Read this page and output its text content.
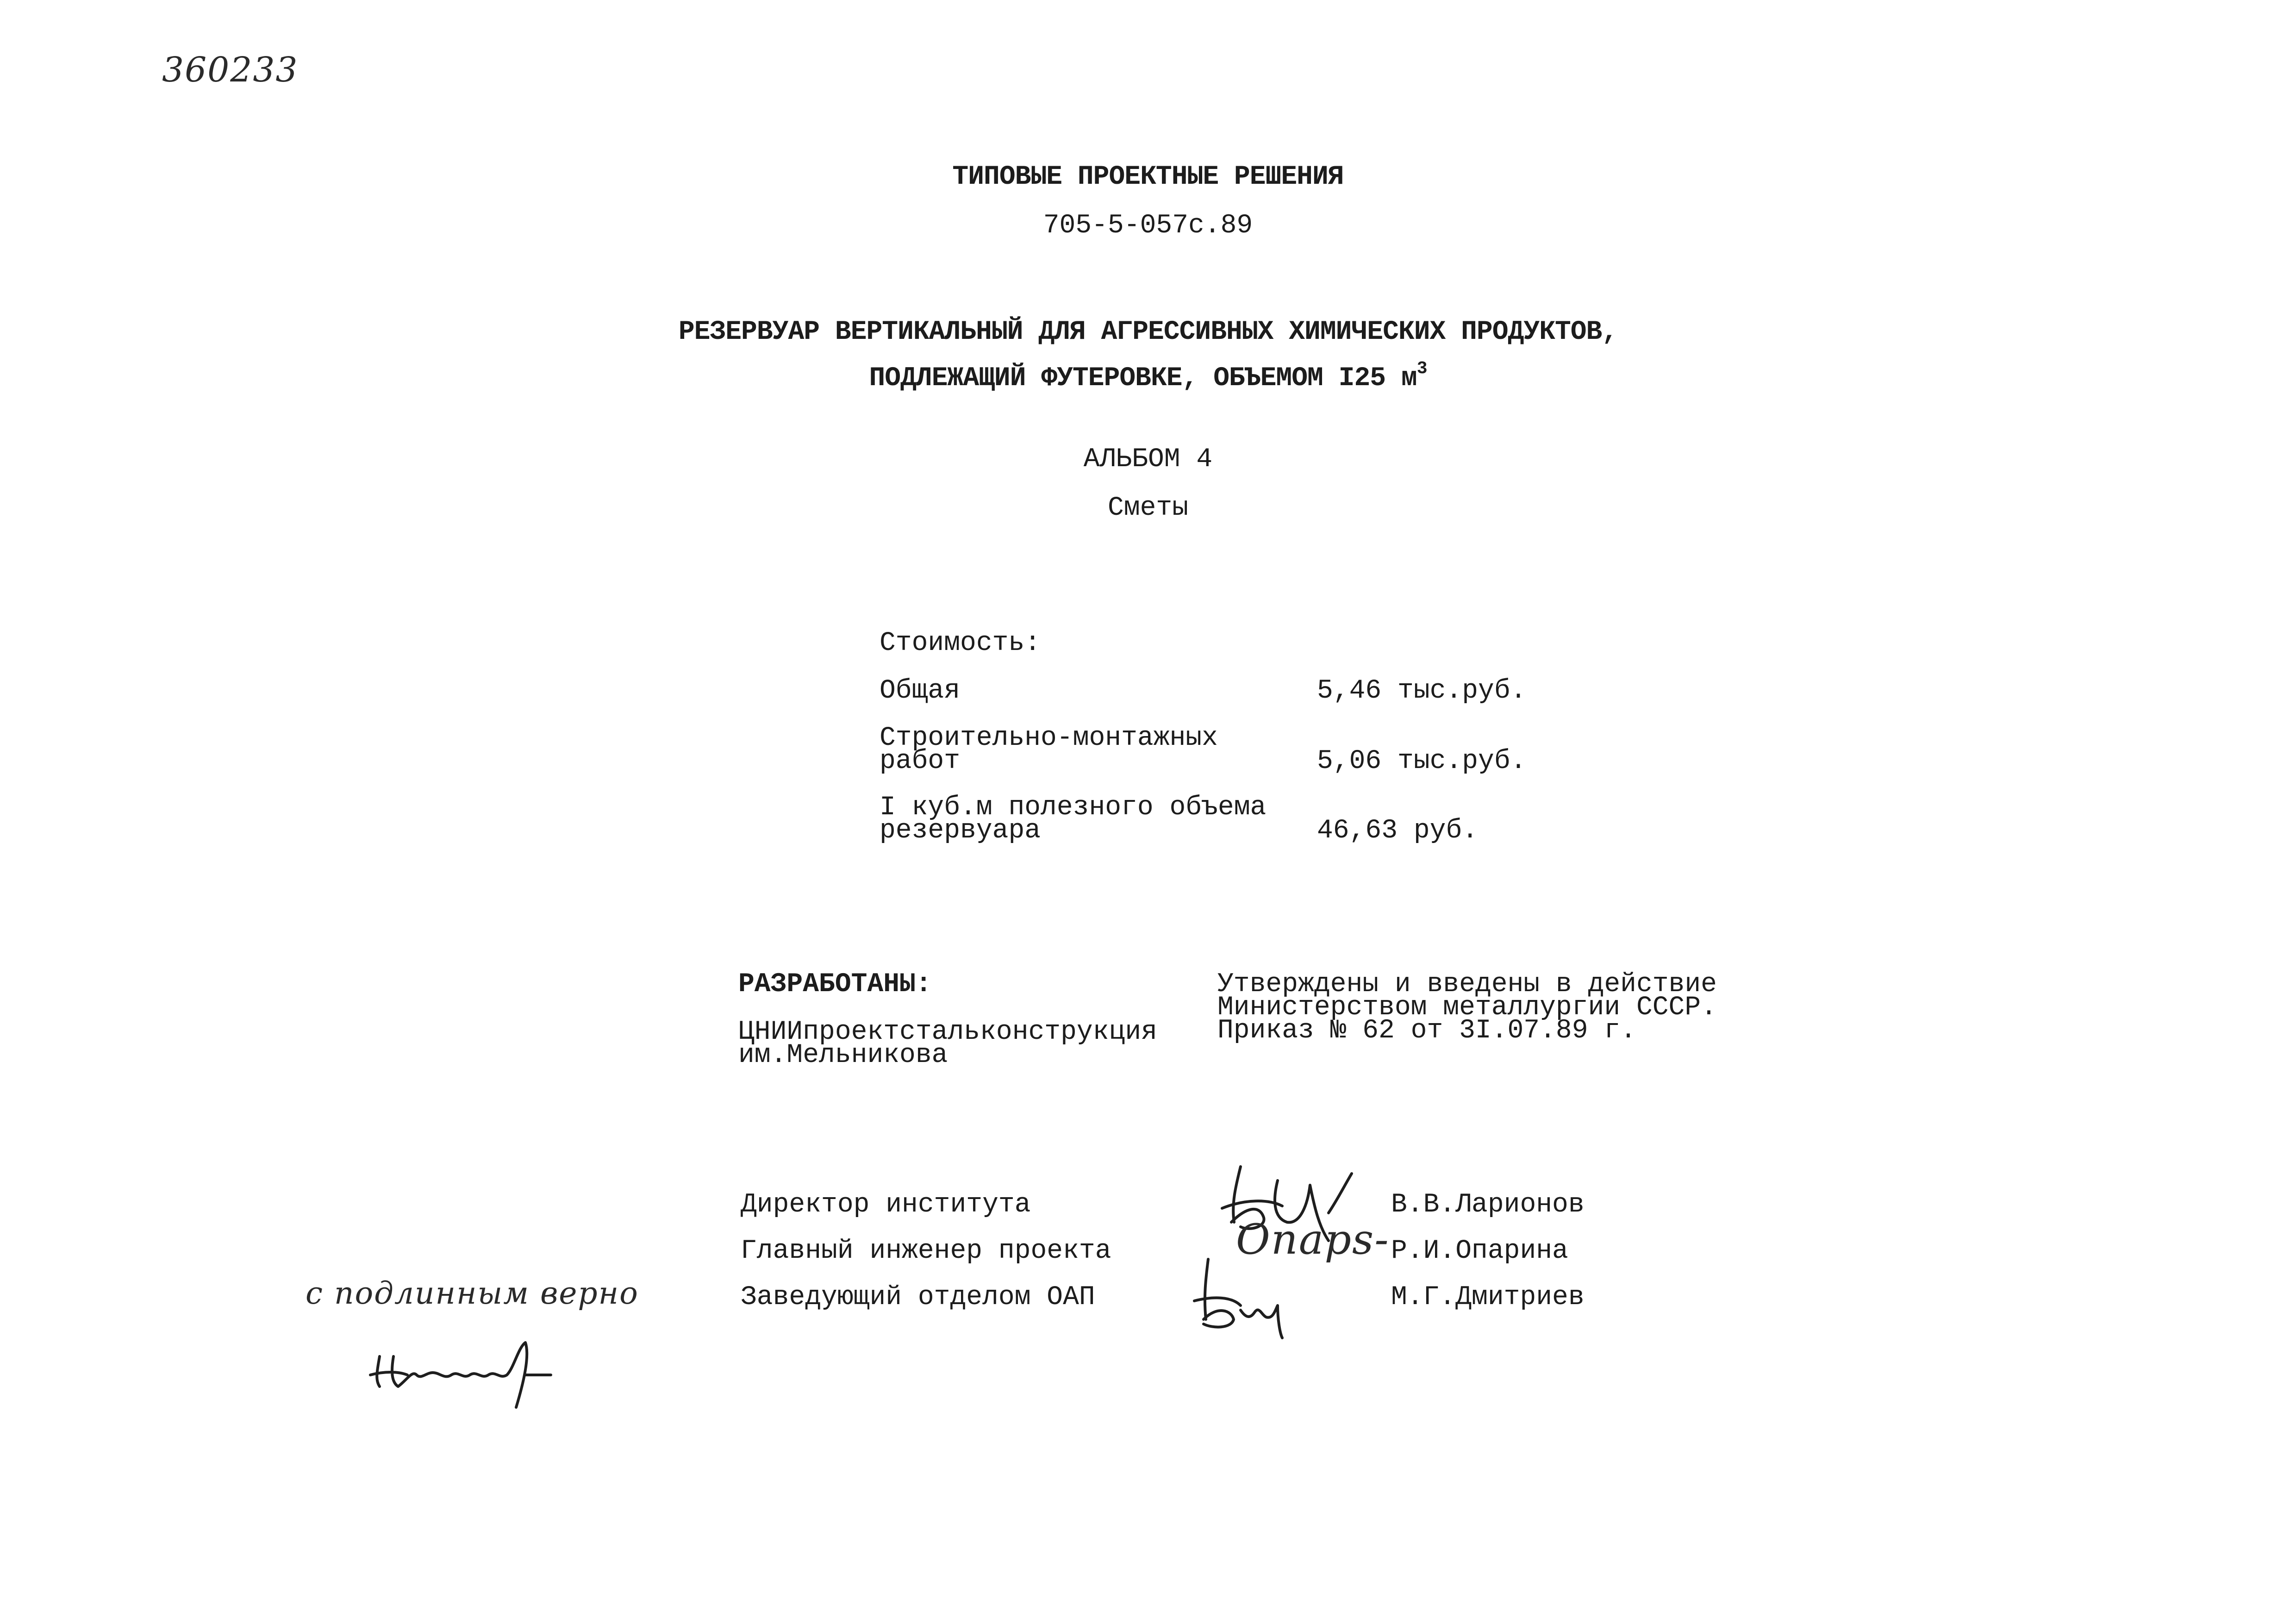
360233
ТИПОВЫЕ ПРОЕКТНЫЕ РЕШЕНИЯ
705-5-057с.89
РЕЗЕРВУАР ВЕРТИКАЛЬНЫЙ ДЛЯ АГРЕССИВНЫХ ХИМИЧЕСКИХ ПРОДУКТОВ,
ПОДЛЕЖАЩИЙ ФУТЕРОВКЕ, ОБЪЕМОМ I25 $м^3$
АЛЬБОМ 4
Сметы
Стоимость:
Общая	5,46 тыс.руб.
Строительно-монтажных
работ	5,06 тыс.руб.
I куб.м полезного объема
резервуара	46,63 руб.
РАЗРАБОТАНЫ:
ЦНИИпроектстальконструкция
им.Мельникова
Утверждены и введены в действие
Министерством металлургии СССР.
Приказ № 62 от 3I.07.89 г.
Директор института	В.В.Ларионов
Главный инженер проекта	Р.И.Опарина
Заведующий отделом ОАП	М.Г.Дмитриев
Опарs-
с подлинным верно
